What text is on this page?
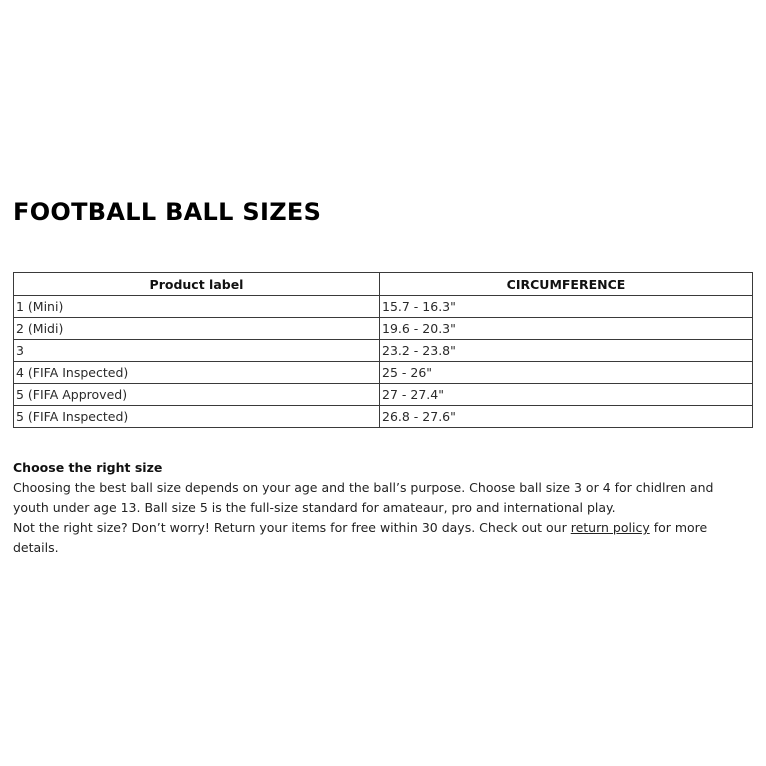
FOOTBALL BALL SIZES
Product label	CIRCUMFERENCE
1 (Mini)	15.7 - 16.3"
2 (Midi)	19.6 - 20.3"
3	23.2 - 23.8"
4 (FIFA Inspected)	25 - 26"
5 (FIFA Approved)	27 - 27.4"
5 (FIFA Inspected)	26.8 - 27.6"

Choose the right size

Choosing the best ball size depends on your age and the ball’s purpose. Choose ball size 3 or 4 for chidlren and youth under age 13. Ball size 5 is the full-size standard for amateaur, pro and international play.

Not the right size? Don’t worry! Return your items for free within 30 days. Check out our return policy for more details.
